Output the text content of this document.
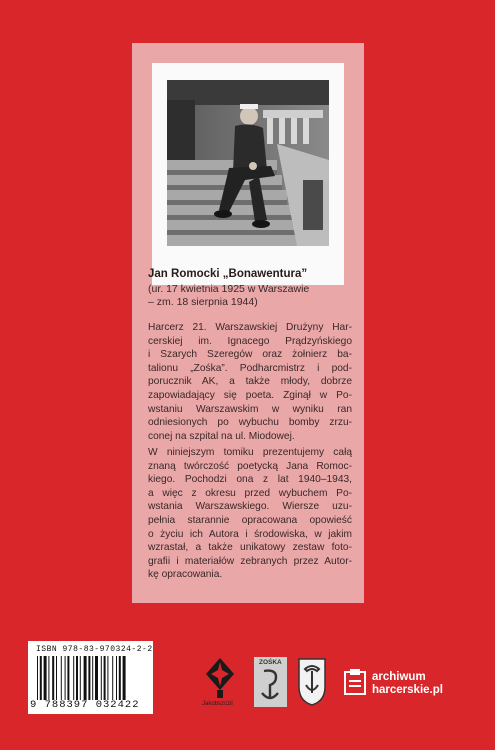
Jan Romocki „Bonawentura”
(ur. 17 kwietnia 1925 w Warszawie
– zm. 18 sierpnia 1944)
Harcerz 21. Warszawskiej Drużyny Har-
cerskiej im. Ignacego Prądzyńskiego
i Szarych Szeregów oraz żołnierz ba-
talionu „Zośka”. Podharcmistrz i pod-
porucznik AK, a także młody, dobrze
zapowiadający się poeta. Zginął w Po-
wstaniu Warszawskim w wyniku ran
odniesionych po wybuchu bomby zrzu-
conej na szpital na ul. Miodowej.
W niniejszym tomiku prezentujemy całą
znaną twórczość poetycką Jana Romoc-
kiego. Pochodzi ona z lat 1940–1943,
a więc z okresu przed wybuchem Po-
wstania Warszawskiego. Wiersze uzu-
pełnia starannie opracowana opowieść
o życiu ich Autora i środowiska, w jakim
wzrastał, a także unikatowy zestaw foto-
grafii i materiałów zebranych przez Autor-
kę opracowania.
ISBN 978-83-970324-2-2
9 788397 032422	Jakobszczil
ZOŚKA
archiwum
harcerskie.pl
